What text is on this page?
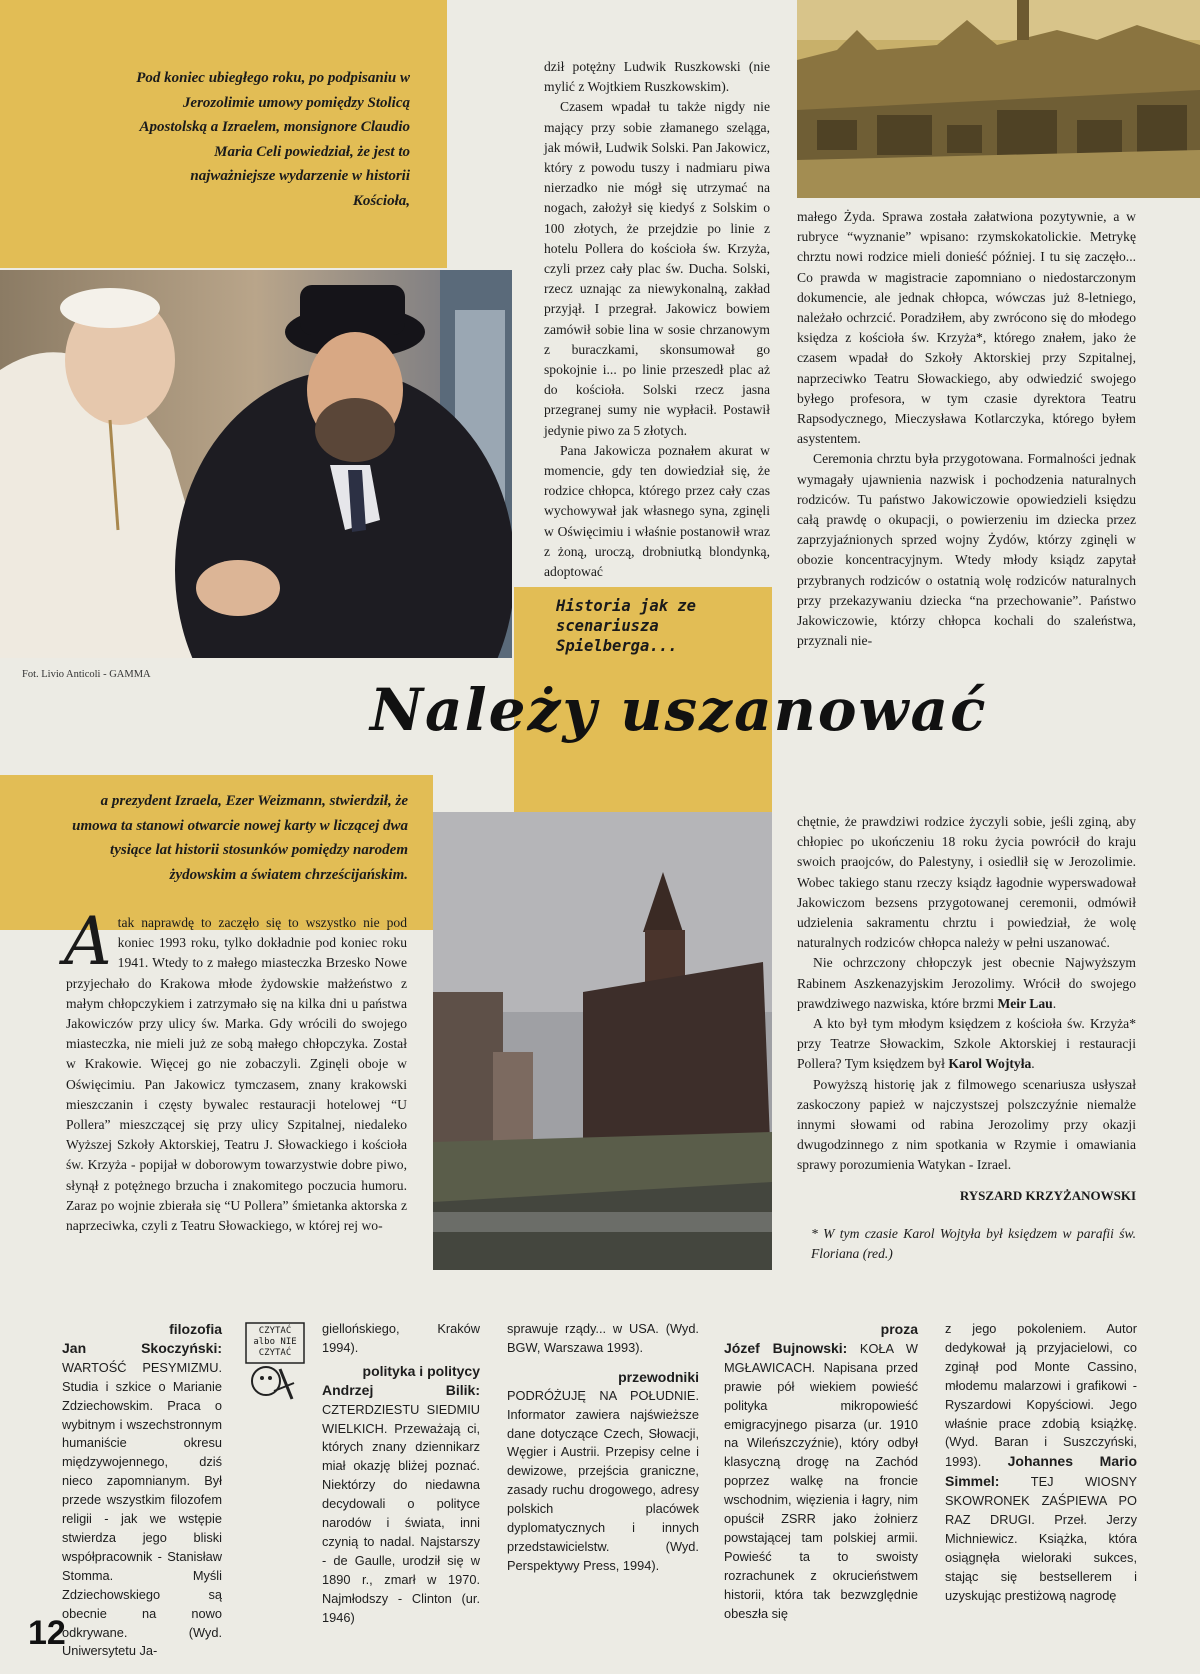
Pod koniec ubiegłego roku, po podpisaniu w Jerozolimie umowy pomiędzy Stolicą Apostolską a Izraelem, monsignore Claudio Maria Celi powiedział, że jest to najważniejsze wydarzenie w historii Kościoła,

Fot. Livio Anticoli - GAMMA
Historia jak ze scenariusza Spielberga...
Należy uszanować

a prezydent Izraela, Ezer Weizmann, stwierdził, że umowa ta stanowi otwarcie nowej karty w liczącej dwa tysiące lat historii stosunków pomiędzy narodem żydowskim a światem chrześcijańskim.

A tak naprawdę to zaczęło się to wszystko nie pod koniec 1993 roku, tylko dokładnie pod koniec roku 1941. Wtedy to z małego miasteczka Brzesko Nowe przyjechało do Krakowa młode żydowskie małżeństwo z małym chłopczykiem i zatrzymało się na kilka dni u państwa Jakowiczów przy ulicy św. Marka. Gdy wrócili do swojego miasteczka, nie mieli już ze sobą małego chłopczyka. Został w Krakowie. Więcej go nie zobaczyli. Zginęli oboje w Oświęcimiu. Pan Jakowicz tymczasem, znany krakowski mieszczanin i częsty bywalec restauracji hotelowej “U Pollera” mieszczącej się przy ulicy Szpitalnej, niedaleko Wyższej Szkoły Aktorskiej, Teatru J. Słowackiego i kościoła św. Krzyża - popijał w doborowym towarzystwie dobre piwo, słynął z potężnego brzucha i znakomitego poczucia humoru. Zaraz po wojnie zbierała się “U Pollera” śmietanka aktorska z naprzeciwka, czyli z Teatru Słowackiego, w której rej wo-

dził potężny Ludwik Ruszkowski (nie mylić z Wojtkiem Ruszkowskim).

Czasem wpadał tu także nigdy nie mający przy sobie złamanego szeląga, jak mówił, Ludwik Solski. Pan Jakowicz, który z powodu tuszy i nadmiaru piwa nierzadko nie mógł się utrzymać na nogach, założył się kiedyś z Solskim o 100 złotych, że przejdzie po linie z hotelu Pollera do kościoła św. Krzyża, czyli przez cały plac św. Ducha. Solski, rzecz uznając za niewykonalną, zakład przyjął. I przegrał. Jakowicz bowiem zamówił sobie lina w sosie chrzanowym z buraczkami, skonsumował go spokojnie i... po linie przeszedł plac aż do kościoła. Solski rzecz jasna przegranej sumy nie wypłacił. Postawił jedynie piwo za 5 złotych.

Pana Jakowicza poznałem akurat w momencie, gdy ten dowiedział się, że rodzice chłopca, którego przez cały czas wychowywał jak własnego syna, zginęli w Oświęcimiu i właśnie postanowił wraz z żoną, uroczą, drobniutką blondynką, adoptować

małego Żyda. Sprawa została załatwiona pozytywnie, a w rubryce “wyznanie” wpisano: rzymskokatolickie. Metrykę chrztu nowi rodzice mieli donieść później. I tu się zaczęło... Co prawda w magistracie zapomniano o niedostarczonym dokumencie, ale jednak chłopca, wówczas już 8-letniego, należało ochrzcić. Poradziłem, aby zwrócono się do młodego księdza z kościoła św. Krzyża*, którego znałem, jako że czasem wpadał do Szkoły Aktorskiej przy Szpitalnej, naprzeciwko Teatru Słowackiego, aby odwiedzić swojego byłego profesora, w tym czasie dyrektora Teatru Rapsodycznego, Mieczysława Kotlarczyka, którego byłem asystentem.

Ceremonia chrztu była przygotowana. Formalności jednak wymagały ujawnienia nazwisk i pochodzenia naturalnych rodziców. Tu państwo Jakowiczowie opowiedzieli księdzu całą prawdę o okupacji, o powierzeniu im dziecka przez zaprzyjaźnionych sprzed wojny Żydów, którzy zginęli w obozie koncentracyjnym. Wtedy młody ksiądz zapytał przybranych rodziców o ostatnią wolę rodziców naturalnych przy przekazywaniu dziecka “na przechowanie”. Państwo Jakowiczowie, którzy chłopca kochali do szaleństwa, przyznali nie-

chętnie, że prawdziwi rodzice życzyli sobie, jeśli zginą, aby chłopiec po ukończeniu 18 roku życia powrócił do kraju swoich praojców, do Palestyny, i osiedlił się w Jerozolimie. Wobec takiego stanu rzeczy ksiądz łagodnie wyperswadował Jakowiczom bezsens przygotowanej ceremonii, odmówił udzielenia sakramentu chrztu i powiedział, że wolę naturalnych rodziców chłopca należy w pełni uszanować.

Nie ochrzczony chłopczyk jest obecnie Najwyższym Rabinem Aszkenazyjskim Jerozolimy. Wrócił do swojego prawdziwego nazwiska, które brzmi Meir Lau.

A kto był tym młodym księdzem z kościoła św. Krzyża* przy Teatrze Słowackim, Szkole Aktorskiej i restauracji Pollera? Tym księdzem był Karol Wojtyła.

Powyższą historię jak z filmowego scenariusza usłyszał zaskoczony papież w najczystszej polszczyźnie niemalże innymi słowami od rabina Jerozolimy przy okazji dwugodzinnego z nim spotkania w Rzymie i omawiania sprawy porozumienia Watykan - Izrael.

RYSZARD KRZYŻANOWSKI
* W tym czasie Karol Wojtyła był księdzem w parafii św. Floriana (red.)
filozofia
Jan Skoczyński: WARTOŚĆ PESYMIZMU. Studia i szkice o Marianie Zdziechowskim. Praca o wybitnym i wszechstronnym humaniście okresu międzywojennego, dziś nieco zapomnianym. Był przede wszystkim filozofem religii - jak we wstępie stwierdza jego bliski współpracownik - Stanisław Stomma. Myśli Zdziechowskiego są obecnie na nowo odkrywane. (Wyd. Uniwersytetu Ja-
CZYTAĆ albo NIE CZYTAĆ
giellońskiego, Kraków 1994).
polityka i politycy
Andrzej Bilik: CZTERDZIESTU SIEDMIU WIELKICH. Przeważają ci, których znany dziennikarz miał okazję bliżej poznać. Niektórzy do niedawna decydowali o polityce narodów i świata, inni czynią to nadal. Najstarszy - de Gaulle, urodził się w 1890 r., zmarł w 1970. Najmłodszy - Clinton (ur. 1946)
sprawuje rządy... w USA. (Wyd. BGW, Warszawa 1993).
przewodniki
PODRÓŻUJĘ NA POŁUDNIE. Informator zawiera najświeższe dane dotyczące Czech, Słowacji, Węgier i Austrii. Przepisy celne i dewizowe, przejścia graniczne, zasady ruchu drogowego, adresy polskich placówek dyplomatycznych i innych przedstawicielstw. (Wyd. Perspektywy Press, 1994).
proza
Józef Bujnowski: KOŁA W MGŁAWICACH. Napisana przed prawie pół wiekiem powieść polityka mikropowieść emigracyjnego pisarza (ur. 1910 na Wileńszczyźnie), który odbył klasyczną drogę na Zachód poprzez walkę na froncie wschodnim, więzienia i łagry, nim opuścił ZSRR jako żołnierz powstającej tam polskiej armii. Powieść ta to swoisty rozrachunek z okrucieństwem historii, która tak bezwzględnie obeszła się
z jego pokoleniem. Autor dedykował ją przyjacielowi, co zginął pod Monte Cassino, młodemu malarzowi i grafikowi - Ryszardowi Kopyściowi. Jego właśnie prace zdobią książkę. (Wyd. Baran i Suszczyński, 1993). Johannes Mario Simmel: TEJ WIOSNY SKOWRONEK ZAŚPIEWA PO RAZ DRUGI. Przeł. Jerzy Michniewicz. Książka, która osiągnęła wieloraki sukces, stając się bestsellerem i uzyskując prestiżową nagrodę
12
